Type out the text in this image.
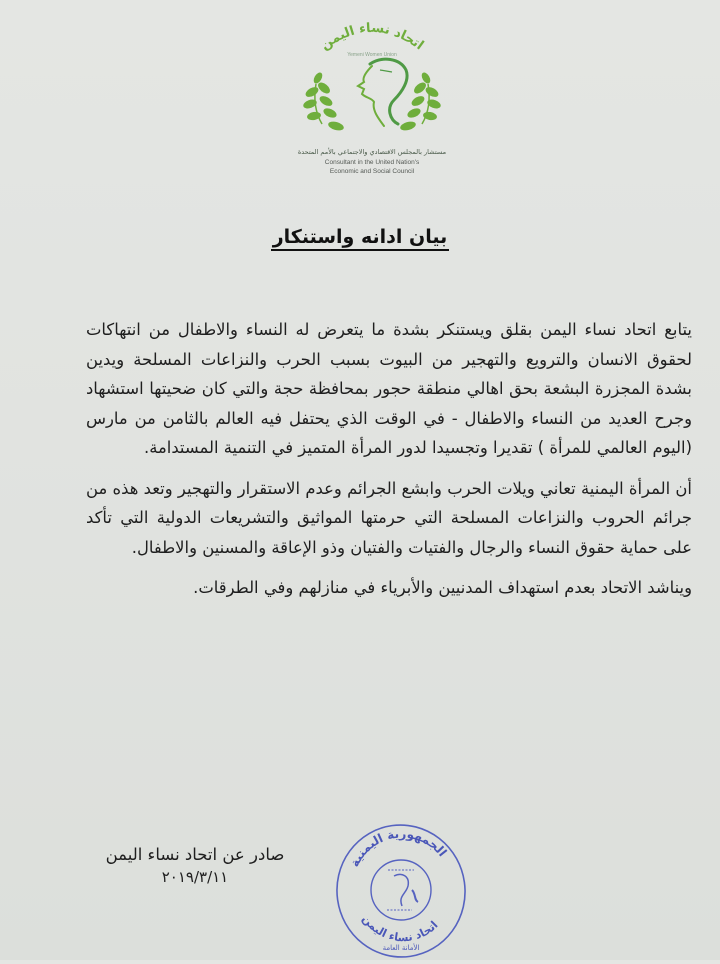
اتحاد نساء اليمن
Yemeni Women Union
مستشار بالمجلس الاقتصادي والاجتماعي بالأمم المتحدة
Consultant in the United Nation's
Economic and Social Council
بيان ادانه واستنكار

يتابع اتحاد نساء اليمن بقلق ويستنكر بشدة ما يتعرض له النساء والاطفال من انتهاكات لحقوق الانسان والترويع والتهجير من البيوت بسبب الحرب والنزاعات المسلحة ويدين بشدة المجزرة البشعة بحق اهالي منطقة حجور بمحافظة حجة والتي كان ضحيتها استشهاد وجرح العديد من النساء والاطفال - في الوقت الذي يحتفل فيه العالم بالثامن من مارس (اليوم العالمي للمرأة ) تقديرا وتجسيدا لدور المرأة المتميز في التنمية المستدامة.

أن المرأة اليمنية تعاني ويلات الحرب وابشع الجرائم وعدم الاستقرار والتهجير وتعد هذه من جرائم الحروب والنزاعات المسلحة التي حرمتها المواثيق والتشريعات الدولية التي تأكد على حماية حقوق النساء والرجال والفتيات والفتيان وذو الإعاقة والمسنين والاطفال.

ويناشد الاتحاد بعدم استهداف المدنيين والأبرياء في منازلهم وفي الطرقات.

صادر عن اتحاد نساء اليمن
٢٠١٩/٣/١١
الجمهورية اليمنية
اتحاد نساء اليمن
الأمانة العامة
